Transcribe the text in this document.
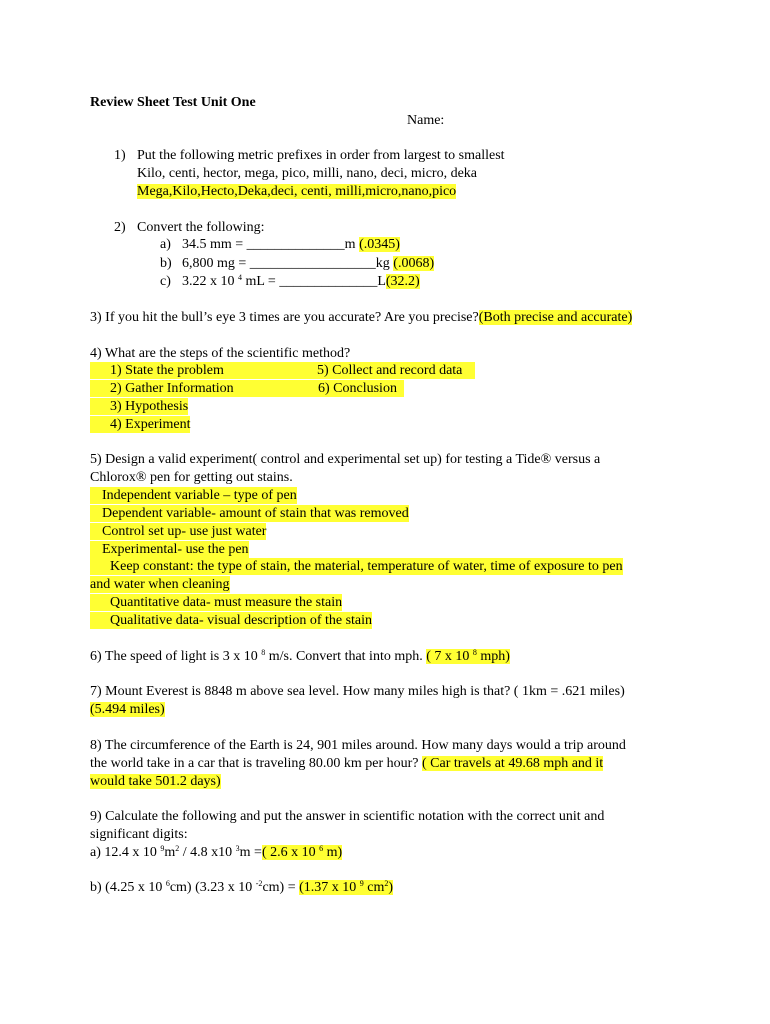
Review Sheet Test Unit One
Name:
1) Put the following metric prefixes in order from largest to smallest
Kilo, centi, hector, mega, pico, milli, nano, deci, micro, deka
Mega,Kilo,Hecto,Deka,deci, centi, milli,micro,nano,pico
2) Convert the following:
a) 34.5 mm = ______________m (.0345)
b) 6,800 mg = __________________kg (.0068)
c) 3.22 x 10 $^4$ mL = ______________L(32.2)
3) If you hit the bull’s eye 3 times are you accurate? Are you precise?(Both precise and accurate)
4) What are the steps of the scientific method?
1) State the problem	5) Collect and record data

2) Gather Information	6) Conclusion

3) Hypothesis
4) Experiment
5) Design a valid experiment( control and experimental set up) for testing a Tide® versus a
Chlorox® pen for getting out stains.
Independent variable – type of pen
Dependent variable- amount of stain that was removed
Control set up- use just water
Experimental- use the pen
Keep constant: the type of stain, the material, temperature of water, time of exposure to pen
and water when cleaning
Quantitative data- must measure the stain
Qualitative data- visual description of the stain
6) The speed of light is 3 x 10 $^8$ m/s. Convert that into mph. ( 7 x 10 $^8$ mph)
7) Mount Everest is 8848 m above sea level. How many miles high is that? ( 1km = .621 miles)
(5.494 miles)
8) The circumference of the Earth is 24, 901 miles around. How many days would a trip around
the world take in a car that is traveling 80.00 km per hour? ( Car travels at 49.68 mph and it
would take 501.2 days)
9) Calculate the following and put the answer in scientific notation with the correct unit and
significant digits:
a) 12.4 x 10 $^9m^2 / 4.8$ x10 $^3$m =( 2.6 x 10 $^6$ m)
b) (4.25 x 10 $^6$cm) (3.23 x 10 $^{-2}$cm) = (1.37 x 10 $^9$ $cm^2$)
